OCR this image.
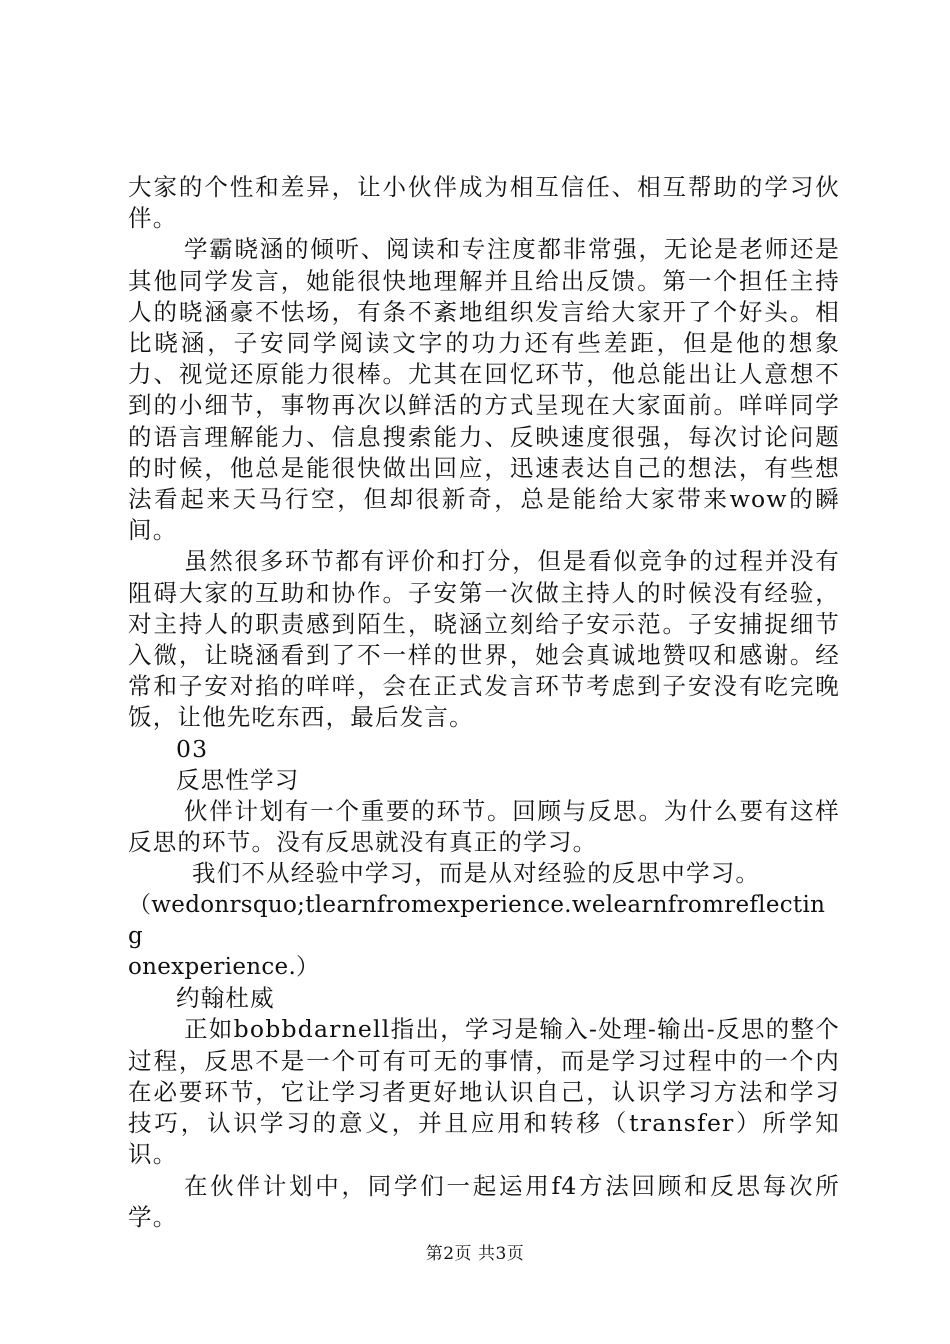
大家的个性和差异，让小伙伴成为相互信任、相互帮助的学习伙伴。

学霸晓涵的倾听、阅读和专注度都非常强，无论是老师还是其他同学发言，她能很快地理解并且给出反馈。第一个担任主持人的晓涵豪不怯场，有条不紊地组织发言给大家开了个好头。相比晓涵，子安同学阅读文字的功力还有些差距，但是他的想象力、视觉还原能力很棒。尤其在回忆环节，他总能出让人意想不到的小细节，事物再次以鲜活的方式呈现在大家面前。咩咩同学的语言理解能力、信息搜索能力、反映速度很强，每次讨论问题的时候，他总是能很快做出回应，迅速表达自己的想法，有些想法看起来天马行空，但却很新奇，总是能给大家带来wow的瞬间。

虽然很多环节都有评价和打分，但是看似竞争的过程并没有阻碍大家的互助和协作。子安第一次做主持人的时候没有经验，对主持人的职责感到陌生，晓涵立刻给子安示范。子安捕捉细节入微，让晓涵看到了不一样的世界，她会真诚地赞叹和感谢。经常和子安对掐的咩咩，会在正式发言环节考虑到子安没有吃完晚饭，让他先吃东西，最后发言。

03

反思性学习

伙伴计划有一个重要的环节。回顾与反思。为什么要有这样反思的环节。没有反思就没有真正的学习。

我们不从经验中学习，而是从对经验的反思中学习。

（wedonrsquo;tlearnfromexperience.welearnfromreflecting

onexperience.）

约翰杜威

正如bobbdarnell指出，学习是输入-处理-输出-反思的整个过程，反思不是一个可有可无的事情，而是学习过程中的一个内在必要环节，它让学习者更好地认识自己，认识学习方法和学习技巧，认识学习的意义，并且应用和转移（transfer）所学知识。

在伙伴计划中，同学们一起运用f4方法回顾和反思每次所学。

第2页 共3页
